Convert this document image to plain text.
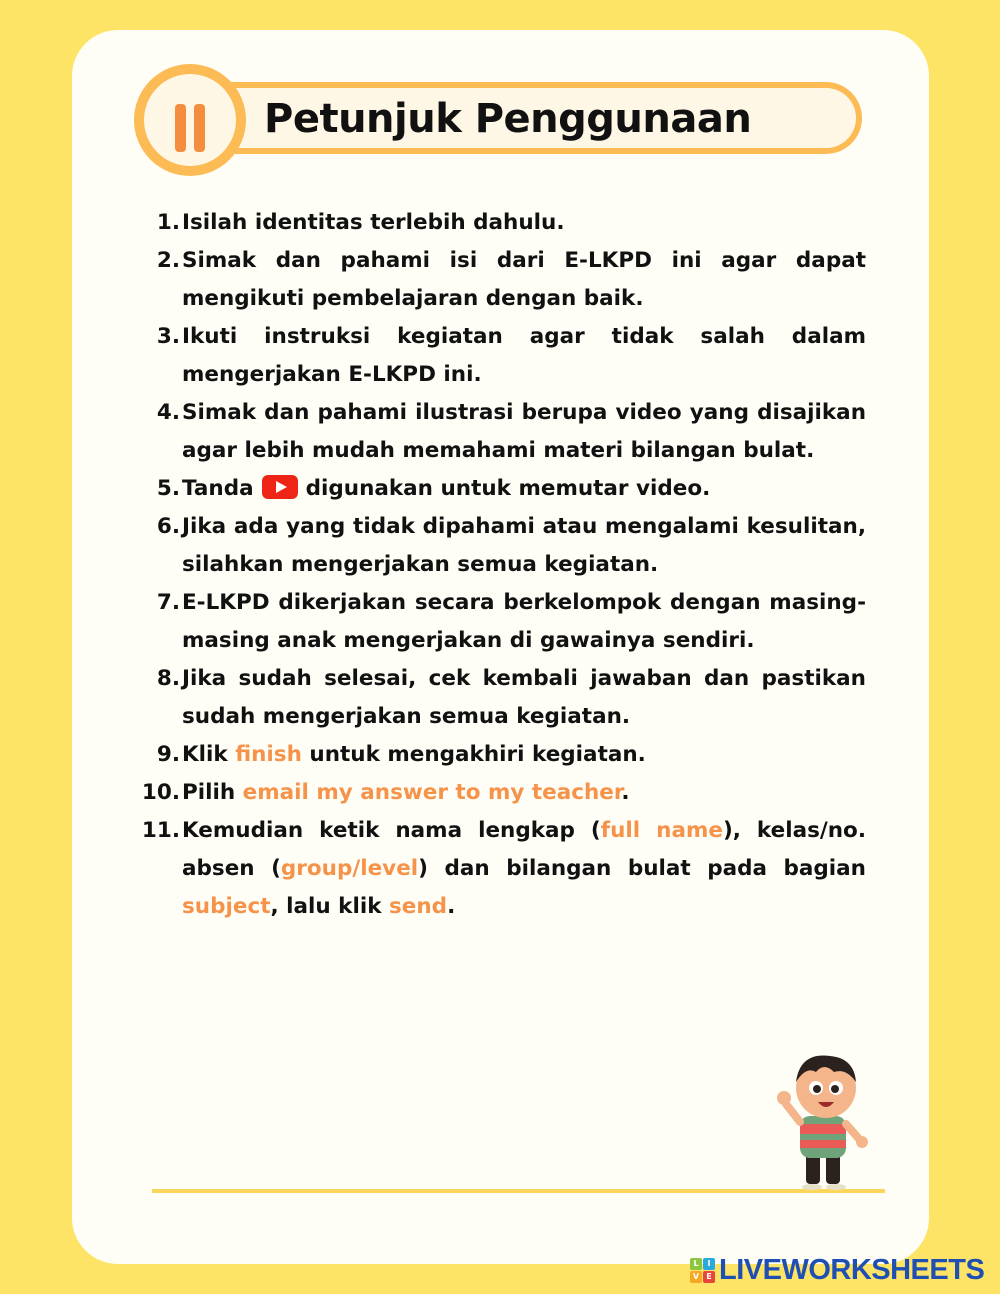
Petunjuk Penggunaan
1. Isilah identitas terlebih dahulu.
2. Simak dan pahami isi dari E-LKPD ini agar dapat mengikuti pembelajaran dengan baik.
3. Ikuti instruksi kegiatan agar tidak salah dalam mengerjakan E-LKPD ini.
4. Simak dan pahami ilustrasi berupa video yang disajikan agar lebih mudah memahami materi bilangan bulat.
5. Tanda digunakan untuk memutar video.
6. Jika ada yang tidak dipahami atau mengalami kesulitan, silahkan mengerjakan semua kegiatan.
7. E-LKPD dikerjakan secara berkelompok dengan masing-masing anak mengerjakan di gawainya sendiri.
8. Jika sudah selesai, cek kembali jawaban dan pastikan sudah mengerjakan semua kegiatan.
9. Klik finish untuk mengakhiri kegiatan.
10. Pilih email my answer to my teacher.
11. Kemudian ketik nama lengkap (full name), kelas/no. absen (group/level) dan bilangan bulat pada bagian subject, lalu klik send.
L	I
V E LIVEWORKSHEETS
